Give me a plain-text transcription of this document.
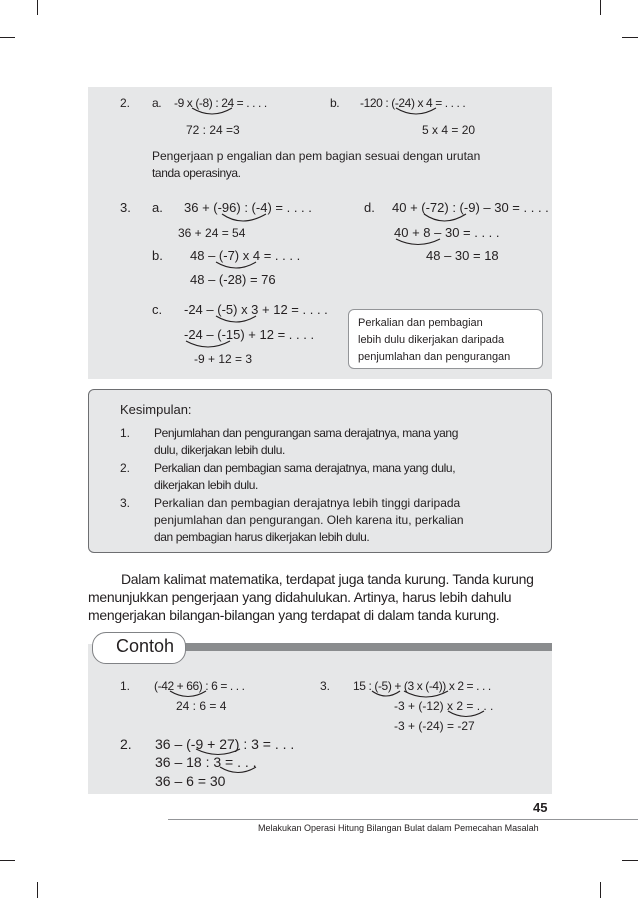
2. a. -9 x (-8) : 24 = . . . .
72 : 24 =3
b. -120 : (-24) x 4 = . . . .
5 x 4 = 20
Pengerjaan p engalian dan pem bagian sesuai dengan urutan
tanda operasinya.
3. a. 36 + (-96) : (-4) = . . . .
36 + 24 = 54
d. 40 + (-72) : (-9) – 30 = . . . .
40 + 8 – 30 = . . . .
48 – 30 = 18
b. 48 – (-7) x 4 = . . . .
48 – (-28) = 76
c. -24 – (-5) x 3 + 12 = . . . .
-24 – (-15) + 12 = . . . .
-9 + 12 = 3
Perkalian dan pembagian
lebih dulu dikerjakan daripada
penjumlahan dan pengurangan
Kesimpulan:
1. Penjumlahan dan pengurangan sama derajatnya, mana yang
dulu, dikerjakan lebih dulu.
2. Perkalian dan pembagian sama derajatnya, mana yang dulu,
dikerjakan lebih dulu.
3. Perkalian dan pembagian derajatnya lebih tinggi daripada
penjumlahan dan pengurangan. Oleh karena itu, perkalian
dan pembagian harus dikerjakan lebih dulu.
Dalam kalimat matematika, terdapat juga tanda kurung. Tanda kurung
menunjukkan pengerjaan yang didahulukan. Artinya, harus lebih dahulu
mengerjakan bilangan-bilangan yang terdapat di dalam tanda kurung.
Contoh
1. (-42 + 66) : 6 = . . .
24 : 6 = 4
3. 15 : (-5) + (3 x (-4)) x 2 = . . .
-3 + (-12) x 2 = . . .
-3 + (-24) = -27
2. 36 – (-9 + 27) : 3 = . . .
36 – 18 : 3 = . . .
36 – 6 = 30
45
Melakukan Operasi Hitung Bilangan Bulat dalam Pemecahan Masalah
